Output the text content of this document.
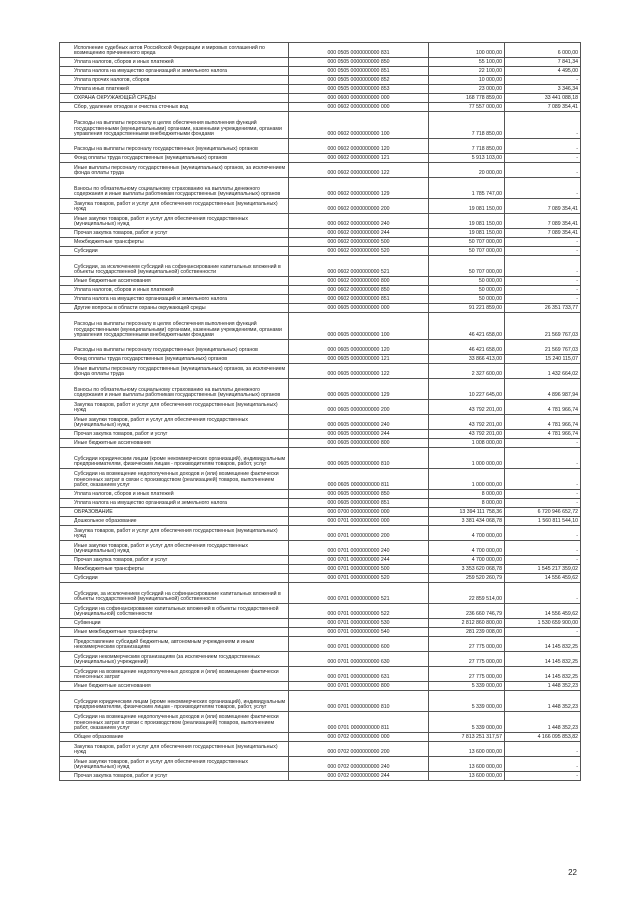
Исполнение судебных актов Российской Федерации и мировых соглашений по возмещению причиненного вреда	000 0505 0000000000 831	100 000,00	6 000,00
Уплата налогов, сборов и иных платежей	000 0505 0000000000 850	55 100,00	7 841,34
Уплата налога на имущество организаций и земельного налога	000 0505 0000000000 851	22 100,00	4 495,00
Уплата прочих налогов, сборов	000 0505 0000000000 852	10 000,00	-
Уплата иных платежей	000 0505 0000000000 853	23 000,00	3 346,34
ОХРАНА ОКРУЖАЮЩЕЙ СРЕДЫ	000 0600 0000000000 000	168 778 859,00	33 441 088,18
Сбор, удаление отходов и очистка сточных вод	000 0602 0000000000 000	77 557 000,00	7 089 354,41
Расходы на выплаты персоналу в целях обеспечения выполнения функций государственными (муниципальными) органами, казенными учреждениями, органами управления государственными внебюджетными фондами	000 0602 0000000000 100	7 718 850,00	-
Расходы на выплаты персоналу государственных (муниципальных) органов	000 0602 0000000000 120	7 718 850,00	-
Фонд оплаты труда государственных (муниципальных) органов	000 0602 0000000000 121	5 913 103,00	-
Иные выплаты персоналу государственных (муниципальных) органов, за исключением фонда оплаты труда	000 0602 0000000000 122	20 000,00	-
Взносы по обязательному социальному страхованию на выплаты денежного содержания и иные выплаты работникам государственных (муниципальных) органов	000 0602 0000000000 129	1 785 747,00	-
Закупка товаров, работ и услуг для обеспечения государственных (муниципальных) нужд	000 0602 0000000000 200	19 081 150,00	7 089 354,41
Иные закупки товаров, работ и услуг для обеспечения государственных (муниципальных) нужд	000 0602 0000000000 240	19 081 150,00	7 089 354,41
Прочая закупка товаров, работ и услуг	000 0602 0000000000 244	19 081 150,00	7 089 354,41
Межбюджетные трансферты	000 0602 0000000000 500	50 707 000,00	-
Субсидии	000 0602 0000000000 520	50 707 000,00	-
Субсидии, за исключением субсидий на софинансирование капитальных вложений в объекты государственной (муниципальной) собственности	000 0602 0000000000 521	50 707 000,00	-
Иные бюджетные ассигнования	000 0602 0000000000 800	50 000,00	-
Уплата налогов, сборов и иных платежей	000 0602 0000000000 850	50 000,00	-
Уплата налога на имущество организаций и земельного налога	000 0602 0000000000 851	50 000,00	-
Другие вопросы в области охраны окружающей среды	000 0605 0000000000 000	91 221 859,00	26 351 733,77
Расходы на выплаты персоналу в целях обеспечения выполнения функций государственными (муниципальными) органами, казенными учреждениями, органами управления государственными внебюджетными фондами	000 0605 0000000000 100	46 421 658,00	21 569 767,03
Расходы на выплаты персоналу государственных (муниципальных) органов	000 0605 0000000000 120	46 421 658,00	21 569 767,03
Фонд оплаты труда государственных (муниципальных) органов	000 0605 0000000000 121	33 866 413,00	15 240 115,07
Иные выплаты персоналу государственных (муниципальных) органов, за исключением фонда оплаты труда	000 0605 0000000000 122	2 327 600,00	1 432 664,02
Взносы по обязательному социальному страхованию на выплаты денежного содержания и иные выплаты работникам государственных (муниципальных) органов	000 0605 0000000000 129	10 227 645,00	4 896 987,94
Закупка товаров, работ и услуг для обеспечения государственных (муниципальных) нужд	000 0605 0000000000 200	43 792 201,00	4 781 966,74
Иные закупки товаров, работ и услуг для обеспечения государственных (муниципальных) нужд	000 0605 0000000000 240	43 792 201,00	4 781 966,74
Прочая закупка товаров, работ и услуг	000 0605 0000000000 244	43 792 201,00	4 781 966,74
Иные бюджетные ассигнования	000 0605 0000000000 800	1 008 000,00	-
Субсидии юридическим лицам (кроме некоммерческих организаций), индивидуальным предпринимателям, физическим лицам - производителям товаров, работ, услуг	000 0605 0000000000 810	1 000 000,00	-
Субсидии на возмещение недополученных доходов и (или) возмещение фактически понесенных затрат в связи с производством (реализацией) товаров, выполнением работ, оказанием услуг	000 0605 0000000000 811	1 000 000,00	-
Уплата налогов, сборов и иных платежей	000 0605 0000000000 850	8 000,00	-
Уплата налога на имущество организаций и земельного налога	000 0605 0000000000 851	8 000,00	-
ОБРАЗОВАНИЕ	000 0700 0000000000 000	13 394 111 758,36	6 720 946 652,72
Дошкольное образование	000 0701 0000000000 000	3 381 434 068,78	1 560 811 544,10
Закупка товаров, работ и услуг для обеспечения государственных (муниципальных) нужд	000 0701 0000000000 200	4 700 000,00	-
Иные закупки товаров, работ и услуг для обеспечения государственных (муниципальных) нужд	000 0701 0000000000 240	4 700 000,00	-
Прочая закупка товаров, работ и услуг	000 0701 0000000000 244	4 700 000,00	-
Межбюджетные трансферты	000 0701 0000000000 500	3 353 620 068,78	1 545 217 359,02
Субсидии	000 0701 0000000000 520	259 520 260,79	14 556 459,62
Субсидии, за исключением субсидий на софинансирование капитальных вложений в объекты государственной (муниципальной) собственности	000 0701 0000000000 521	22 859 514,00	-
Субсидии на софинансирование капитальных вложений в объекты государственной (муниципальной) собственности	000 0701 0000000000 522	236 660 746,79	14 556 459,62
Субвенции	000 0701 0000000000 530	2 812 860 800,00	1 530 659 900,00
Иные межбюджетные трансферты	000 0701 0000000000 540	281 239 008,00	-
Предоставление субсидий бюджетным, автономным учреждениям и иным некоммерческим организациям	000 0701 0000000000 600	27 775 000,00	14 145 832,25
Субсидии некоммерческим организациям (за исключением государственных (муниципальных) учреждений)	000 0701 0000000000 630	27 775 000,00	14 145 832,25
Субсидии на возмещение недополученных доходов и (или) возмещение фактически понесенных затрат	000 0701 0000000000 631	27 775 000,00	14 145 832,25
Иные бюджетные ассигнования	000 0701 0000000000 800	5 339 000,00	1 448 352,23
Субсидии юридическим лицам (кроме некоммерческих организаций), индивидуальным предпринимателям, физическим лицам - производителям товаров, работ, услуг	000 0701 0000000000 810	5 339 000,00	1 448 352,23
Субсидии на возмещение недополученных доходов и (или) возмещение фактически понесенных затрат в связи с производством (реализацией) товаров, выполнением работ, оказанием услуг	000 0701 0000000000 811	5 339 000,00	1 448 352,23
Общее образование	000 0702 0000000000 000	7 813 251 317,57	4 166 095 853,82
Закупка товаров, работ и услуг для обеспечения государственных (муниципальных) нужд	000 0702 0000000000 200	13 600 000,00	-
Иные закупки товаров, работ и услуг для обеспечения государственных (муниципальных) нужд	000 0702 0000000000 240	13 600 000,00	-
Прочая закупка товаров, работ и услуг	000 0702 0000000000 244	13 600 000,00	-
22
